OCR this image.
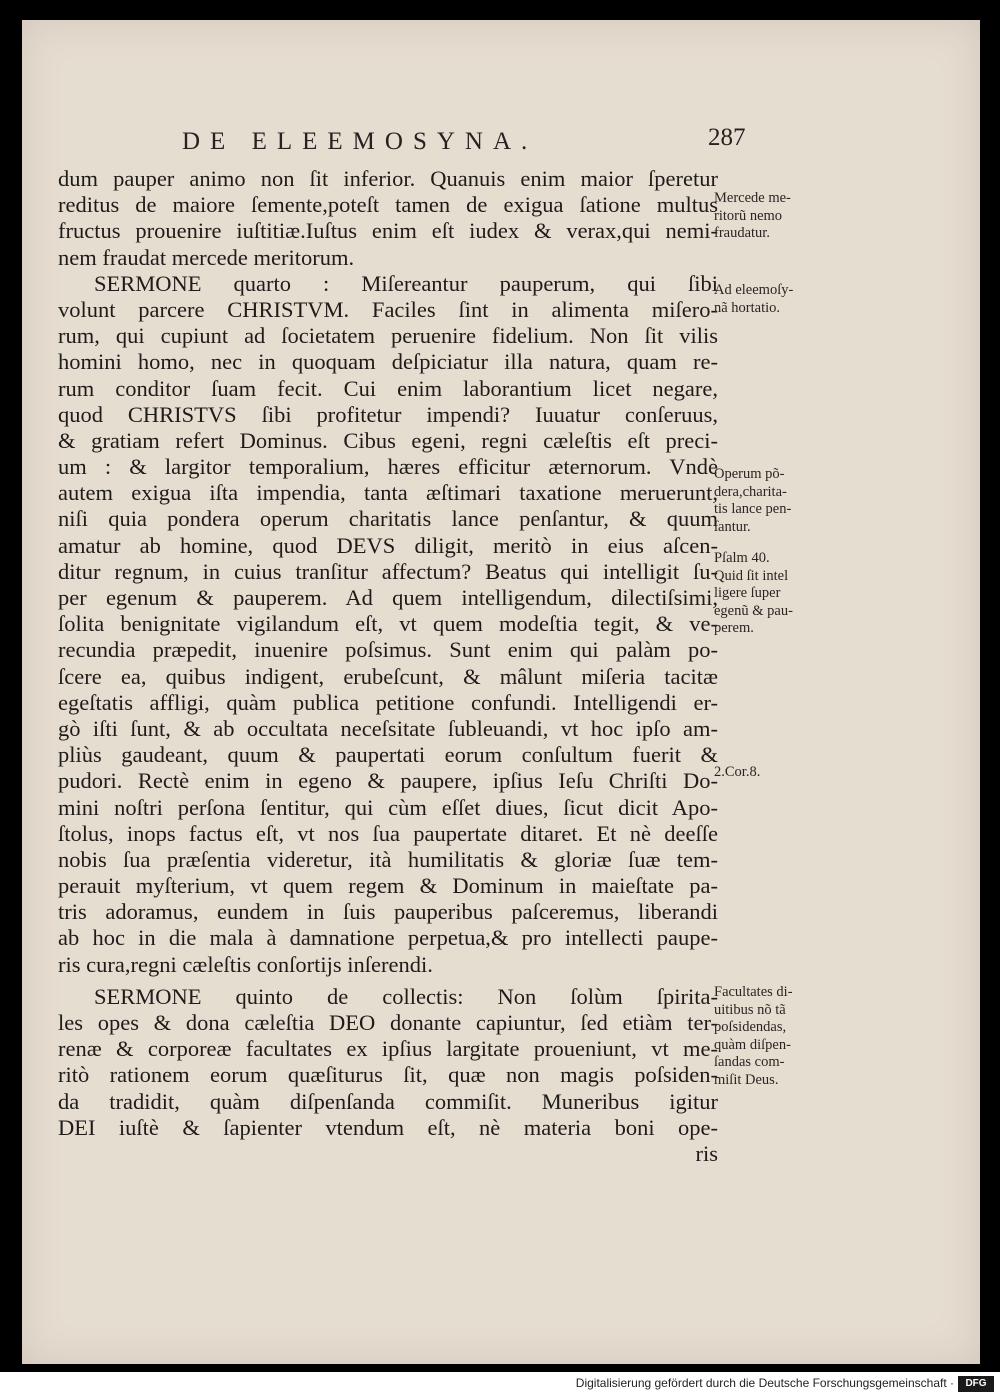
DE ELEEMOSYNA.	287
dum pauper animo non ſit inferior. Quanuis enim maior ſperetur
reditus de maiore ſemente,poteſt tamen de exigua ſatione multus
fructus prouenire iuſtitiæ.Iuſtus enim eſt iudex & verax,qui nemi-
nem fraudat mercede meritorum.
SERMONE quarto : Miſereantur pauperum, qui ſibi
volunt parcere CHRISTVM. Faciles ſint in alimenta miſero-
rum, qui cupiunt ad ſocietatem peruenire fidelium. Non ſit vilis
homini homo, nec in quoquam deſpiciatur illa natura, quam re-
rum conditor ſuam fecit. Cui enim laborantium licet negare,
quod CHRISTVS ſibi profitetur impendi? Iuuatur conſeruus,
& gratiam refert Dominus. Cibus egeni, regni cæleſtis eſt preci-
um : & largitor temporalium, hæres efficitur æternorum. Vndè
autem exigua iſta impendia, tanta æſtimari taxatione meruerunt,
niſi quia pondera operum charitatis lance penſantur, & quum
amatur ab homine, quod DEVS diligit, meritò in eius aſcen-
ditur regnum, in cuius tranſitur affectum? Beatus qui intelligit ſu-
per egenum & pauperem. Ad quem intelligendum, dilectiſsimi,
ſolita benignitate vigilandum eſt, vt quem modeſtia tegit, & ve-
recundia præpedit, inuenire poſsimus. Sunt enim qui palàm po-
ſcere ea, quibus indigent, erubeſcunt, & mâlunt miſeria tacitæ
egeſtatis affligi, quàm publica petitione confundi. Intelligendi er-
gò iſti ſunt, & ab occultata neceſsitate ſubleuandi, vt hoc ipſo am-
pliùs gaudeant, quum & paupertati eorum conſultum fuerit &
pudori. Rectè enim in egeno & paupere, ipſius Ieſu Chriſti Do-
mini noſtri perſona ſentitur, qui cùm eſſet diues, ſicut dicit Apo-
ſtolus, inops factus eſt, vt nos ſua paupertate ditaret. Et nè deeſſe
nobis ſua præſentia videretur, ità humilitatis & gloriæ ſuæ tem-
perauit myſterium, vt quem regem & Dominum in maieſtate pa-
tris adoramus, eundem in ſuis pauperibus paſceremus, liberandi
ab hoc in die mala à damnatione perpetua,& pro intellecti paupe-
ris cura,regni cæleſtis conſortijs inſerendi.
SERMONE quinto de collectis: Non ſolùm ſpirita-
les opes & dona cæleſtia DEO donante capiuntur, ſed etiàm ter-
renæ & corporeæ facultates ex ipſius largitate proueniunt, vt me-
ritò rationem eorum quæſiturus ſit, quæ non magis poſsiden-
da tradidit, quàm diſpenſanda commiſit. Muneribus igitur
DEI iuſtè & ſapienter vtendum eſt, nè materia boni ope-
ris
Mercede me-
ritorũ nemo
fraudatur.
Ad eleemoſy-
nã hortatio.
Operum põ-
dera,charita-
tis lance pen-
ſantur.
Pſalm 40.
Quid ſit intel
ligere ſuper
egenũ & pau-
perem.
2.Cor.8.
Facultates di-
uitibus nõ tã
poſsidendas,
quàm diſpen-
ſandas com-
miſit Deus.
Digitalisierung gefördert durch die Deutsche Forschungsgemeinschaft ·	DFG
